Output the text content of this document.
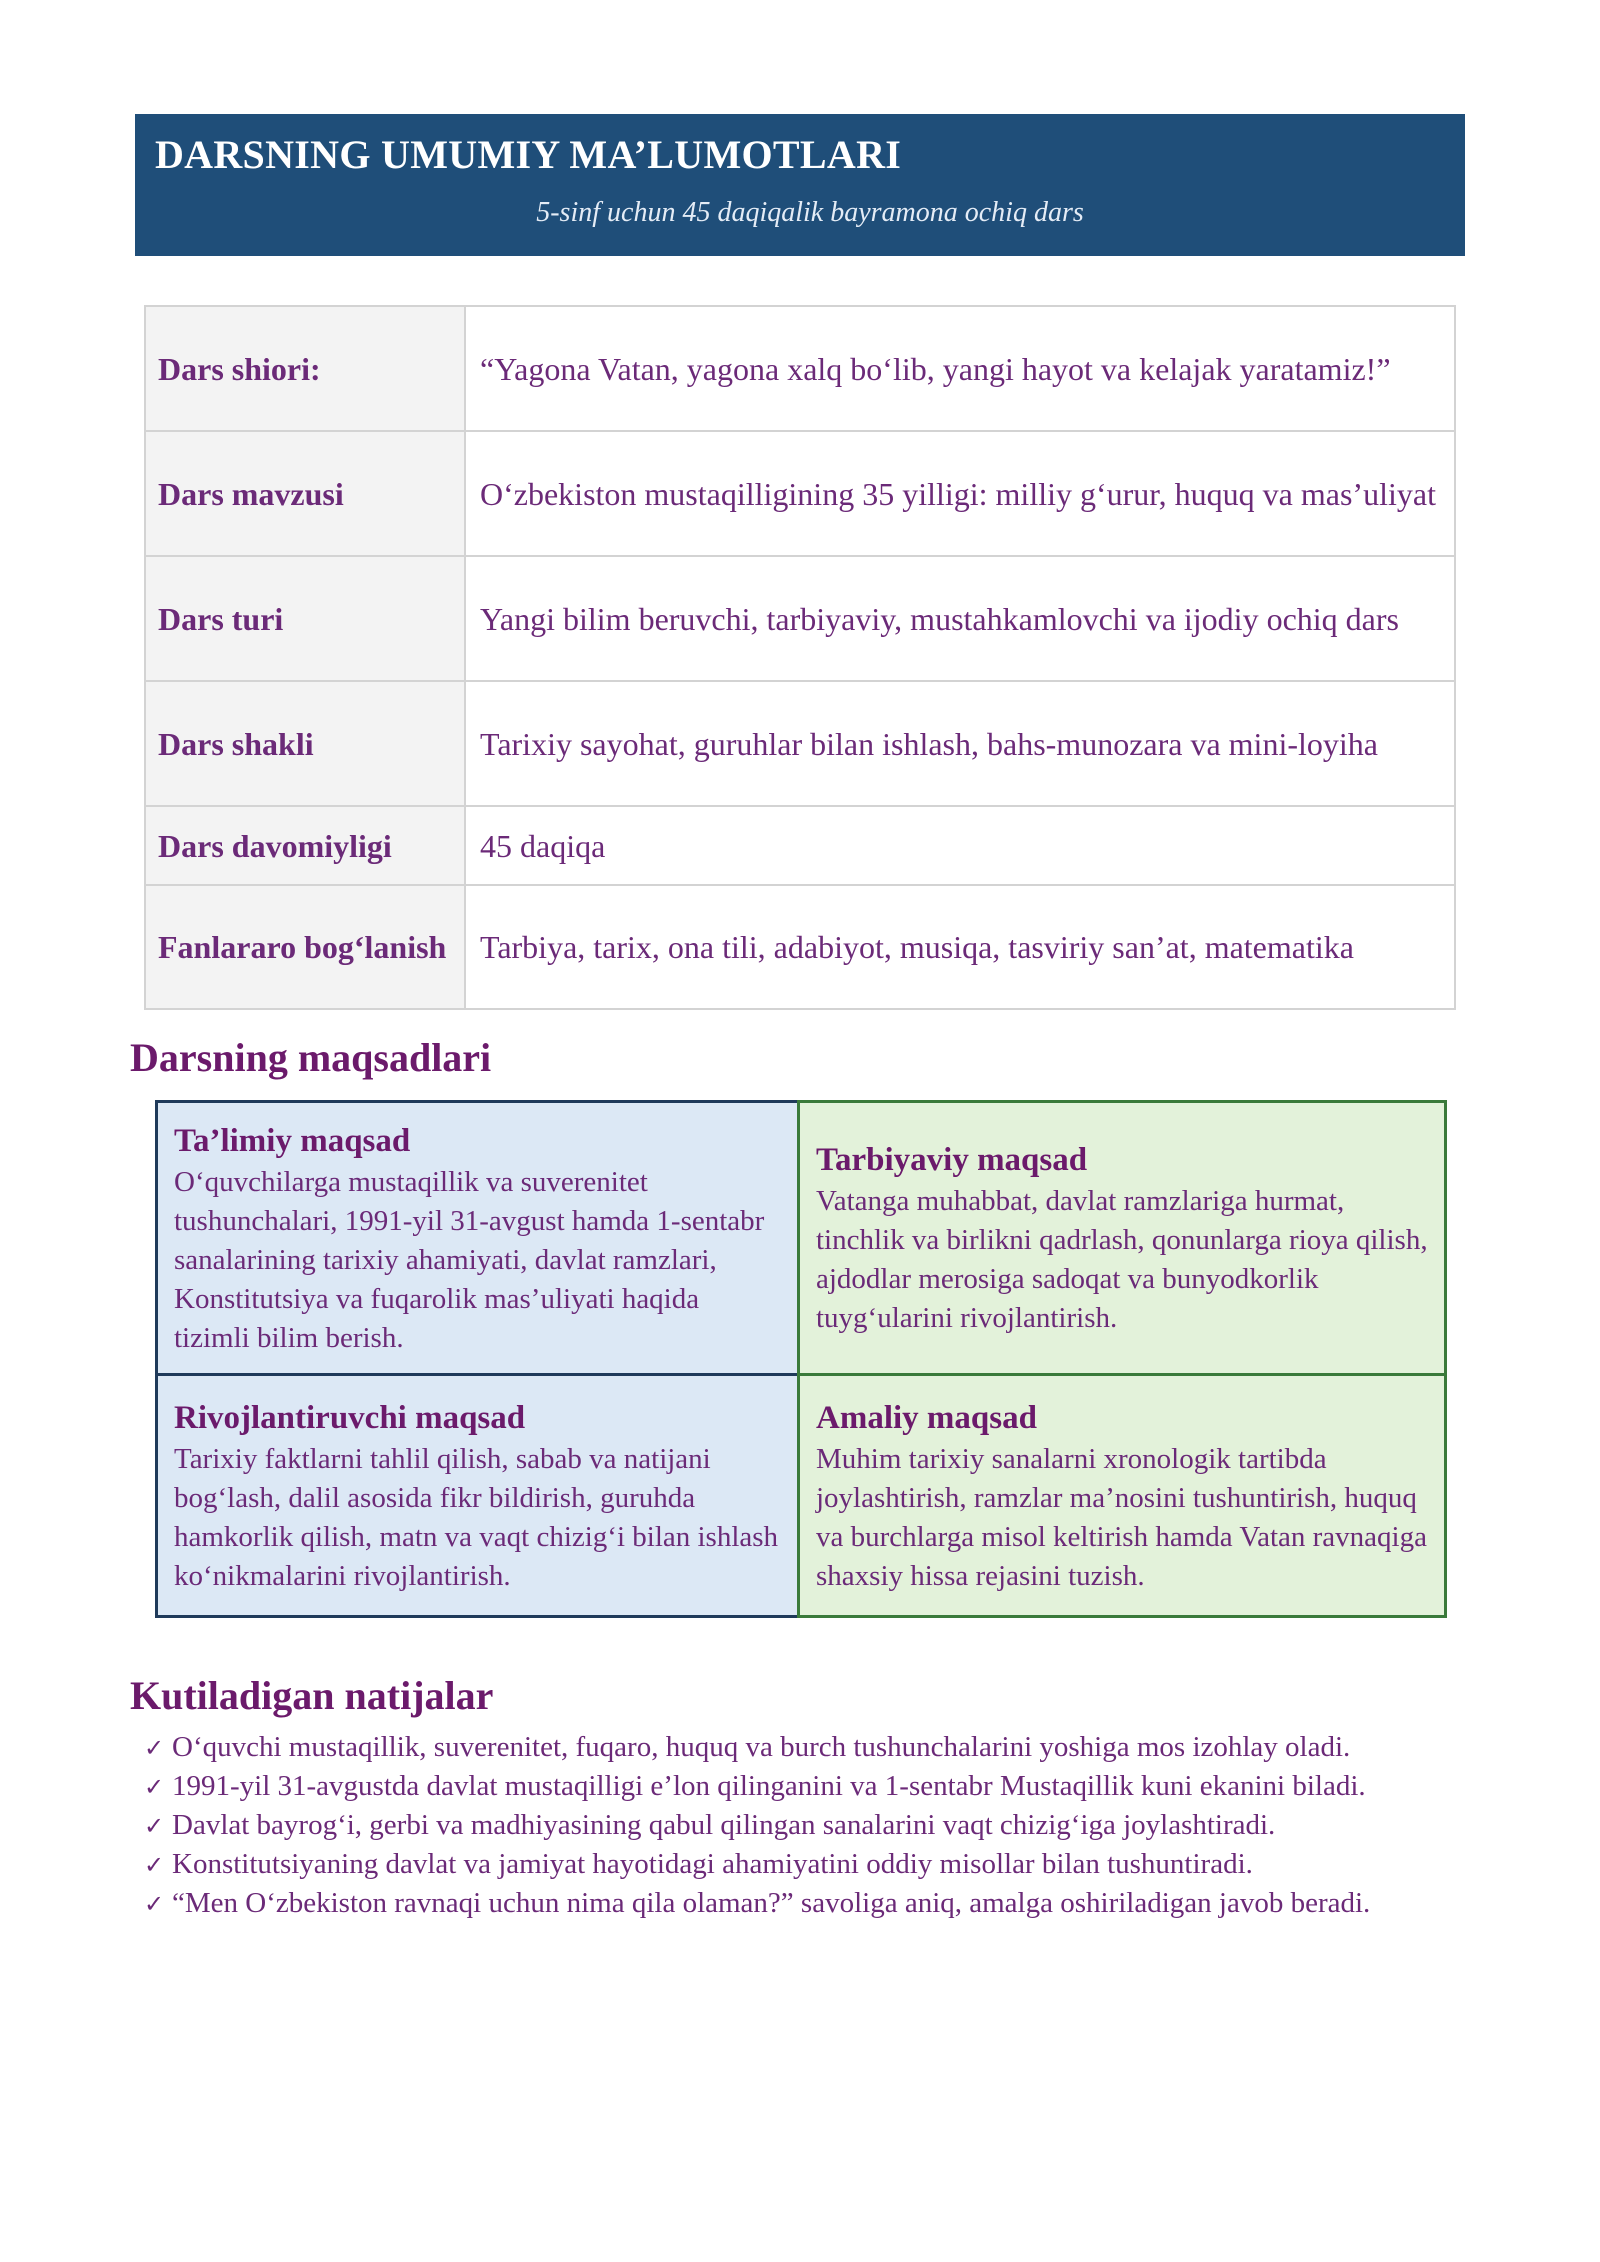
DARSNING UMUMIY MA’LUMOTLARI
5-sinf uchun 45 daqiqalik bayramona ochiq dars
Dars shiori:	“Yagona Vatan, yagona xalq bo‘lib, yangi hayot va kelajak yaratamiz!”
Dars mavzusi	O‘zbekiston mustaqilligining 35 yilligi: milliy g‘urur, huquq va mas’uliyat
Dars turi	Yangi bilim beruvchi, tarbiyaviy, mustahkamlovchi va ijodiy ochiq dars
Dars shakli	Tarixiy sayohat, guruhlar bilan ishlash, bahs-munozara va mini-loyiha
Dars davomiyligi	45 daqiqa
Fanlararo bog‘lanish	Tarbiya, tarix, ona tili, adabiyot, musiqa, tasviriy san’at, matematika
Darsning maqsadlari
Ta’limiy maqsad
O‘quvchilarga mustaqillik va suverenitet tushunchalari, 1991-yil 31-avgust hamda 1-sentabr sanalarining tarixiy ahamiyati, davlat ramzlari, Konstitutsiya va fuqarolik mas’uliyati haqida tizimli bilim berish.
Tarbiyaviy maqsad
Vatanga muhabbat, davlat ramzlariga hurmat, tinchlik va birlikni qadrlash, qonunlarga rioya qilish, ajdodlar merosiga sadoqat va bunyodkorlik tuyg‘ularini rivojlantirish.
Rivojlantiruvchi maqsad
Tarixiy faktlarni tahlil qilish, sabab va natijani bog‘lash, dalil asosida fikr bildirish, guruhda hamkorlik qilish, matn va vaqt chizig‘i bilan ishlash ko‘nikmalarini rivojlantirish.
Amaliy maqsad
Muhim tarixiy sanalarni xronologik tartibda joylashtirish, ramzlar ma’nosini tushuntirish, huquq va burchlarga misol keltirish hamda Vatan ravnaqiga shaxsiy hissa rejasini tuzish.
Kutiladigan natijalar
✓ O‘quvchi mustaqillik, suverenitet, fuqaro, huquq va burch tushunchalarini yoshiga mos izohlay oladi.
✓ 1991-yil 31-avgustda davlat mustaqilligi e’lon qilinganini va 1-sentabr Mustaqillik kuni ekanini biladi.
✓ Davlat bayrog‘i, gerbi va madhiyasining qabul qilingan sanalarini vaqt chizig‘iga joylashtiradi.
✓ Konstitutsiyaning davlat va jamiyat hayotidagi ahamiyatini oddiy misollar bilan tushuntiradi.
✓ “Men O‘zbekiston ravnaqi uchun nima qila olaman?” savoliga aniq, amalga oshiriladigan javob beradi.
